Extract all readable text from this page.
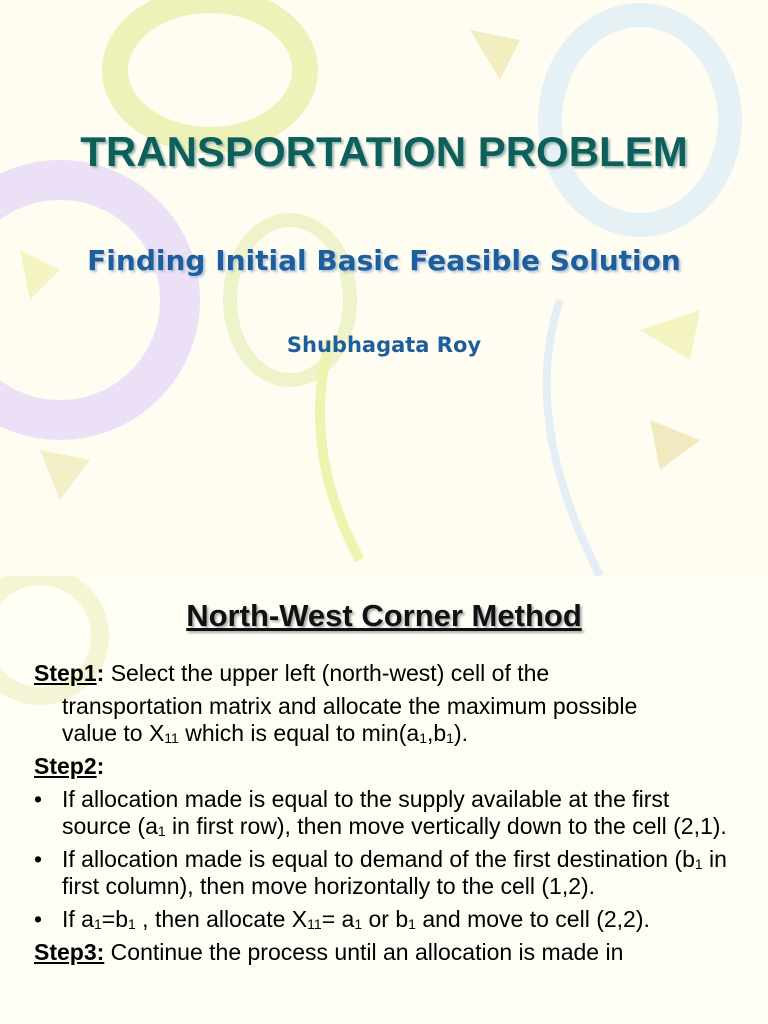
TRANSPORTATION PROBLEM
Finding Initial Basic Feasible Solution
Shubhagata Roy
North-West Corner Method

Step1: Select the upper left (north-west) cell of the

transportation matrix and allocate the maximum possible

value to $X_{11}$ which is equal to $\min(a_1,b_1)$.

Step2:

• If allocation made is equal to the supply available at the first source ($a_1$ in first row), then move vertically down to the cell (2,1).
• If allocation made is equal to demand of the first destination ($b_1$ in first column), then move horizontally to the cell (1,2).
• If $a_1=b_1$ , then allocate $X_{11}= a_1$ or $b_1$ and move to cell (2,2).

Step3: Continue the process until an allocation is made in
